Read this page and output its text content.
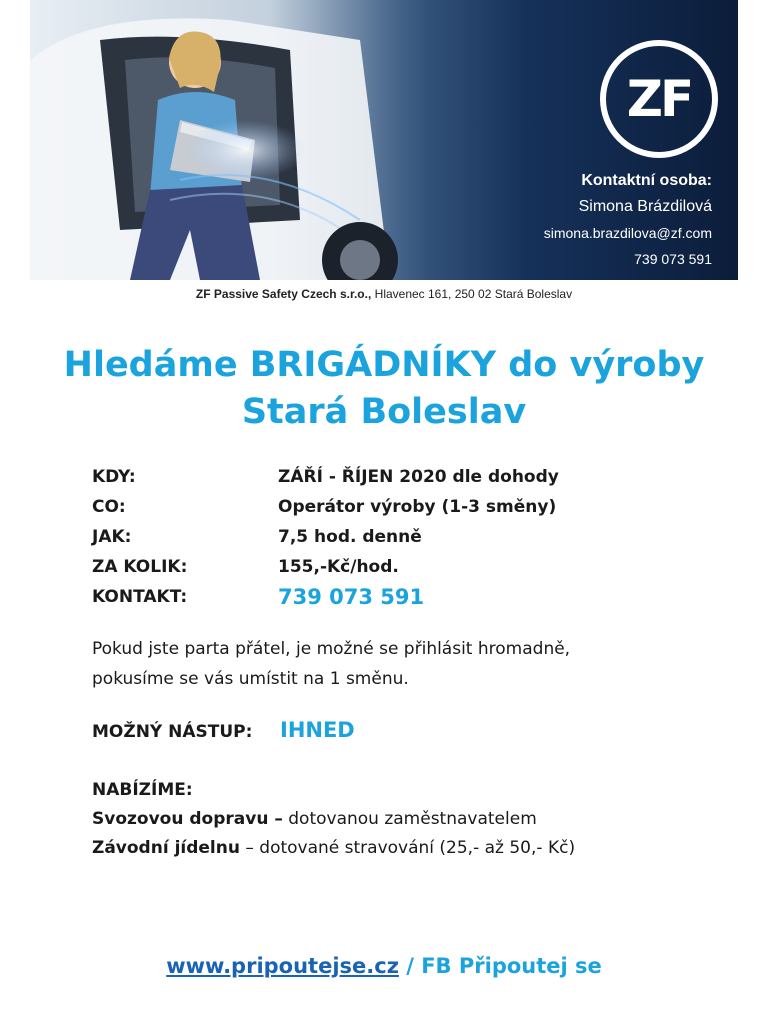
ZF
Kontaktní osoba:
Simona Brázdilová
simona.brazdilova@zf.com
739 073 591
ZF Passive Safety Czech s.r.o., Hlavenec 161, 250 02 Stará Boleslav
Hledáme BRIGÁDNÍKY do výroby
Stará Boleslav
KDY:	ZÁŘÍ - ŘÍJEN 2020 dle dohody
CO:	Operátor výroby (1-3 směny)
JAK:	7,5 hod. denně
ZA KOLIK:	155,-Kč/hod.
KONTAKT:	739 073 591
Pokud jste parta přátel, je možné se přihlásit hromadně,
pokusíme se vás umístit na 1 směnu.
MOŽNÝ NÁSTUP:	IHNED
NABÍZÍME:
Svozovou dopravu – dotovanou zaměstnavatelem
Závodní jídelnu – dotované stravování (25,- až 50,- Kč)
www.pripoutejse.cz / FB Připoutej se
